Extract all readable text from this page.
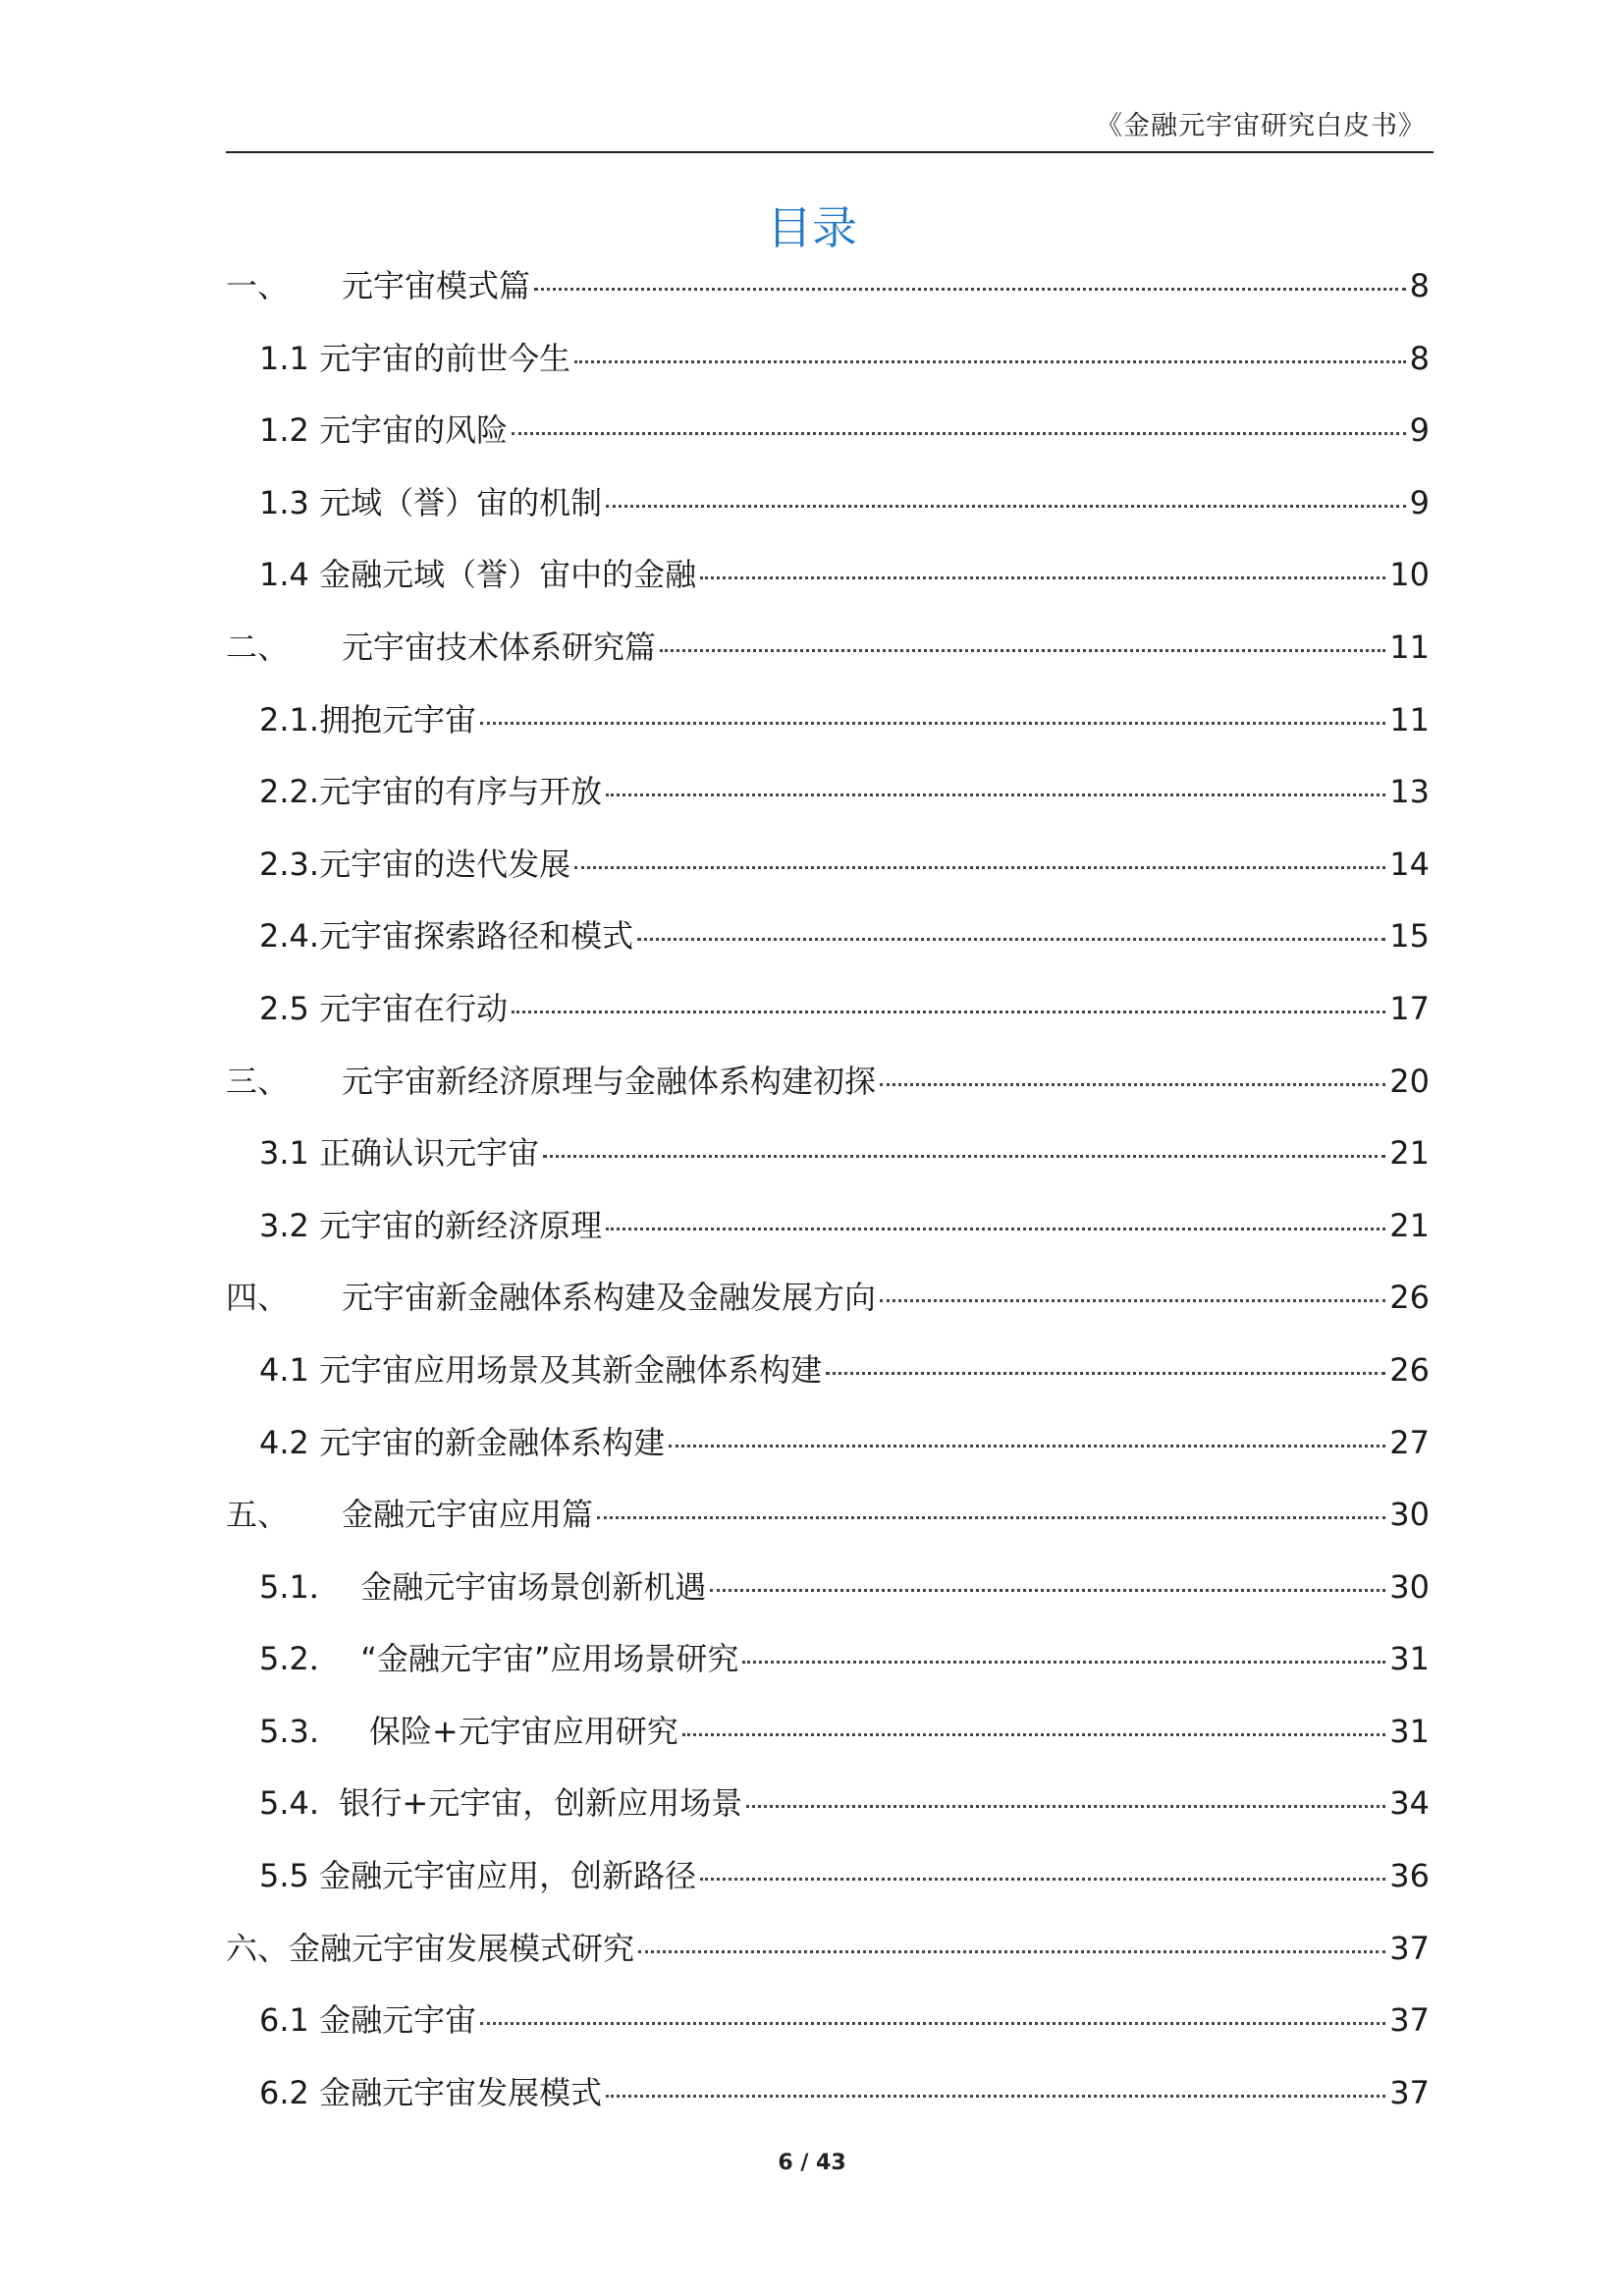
《金融元宇宙研究白皮书》
目录
一、	元宇宙模式篇	8
1.1 元宇宙的前世今生	8
1.2 元宇宙的风险	9
1.3 元域（誉）宙的机制	9
1.4 金融元域（誉）宙中的金融	10
二、	元宇宙技术体系研究篇	11
2.1. 拥抱元宇宙	11
2.2. 元宇宙的有序与开放	13
2.3. 元宇宙的迭代发展	14
2.4. 元宇宙探索路径和模式	15
2.5 元宇宙在行动	17
三、	元宇宙新经济原理与金融体系构建初探	20
3.1 正确认识元宇宙	21
3.2 元宇宙的新经济原理	21
四、	元宇宙新金融体系构建及金融发展方向	26
4.1 元宇宙应用场景及其新金融体系构建	26
4.2 元宇宙的新金融体系构建	27
五、	金融元宇宙应用篇	30
5.1． 金融元宇宙场景创新机遇	30
5.2． “金融元宇宙”应用场景研究	31
5.3. 保险+元宇宙应用研究	31
5.4. 银行+元宇宙，创新应用场景	34
5.5 金融元宇宙应用，创新路径	36
六、 金融元宇宙发展模式研究	37
6.1 金融元宇宙	37
6.2 金融元宇宙发展模式	37
6 / 43
